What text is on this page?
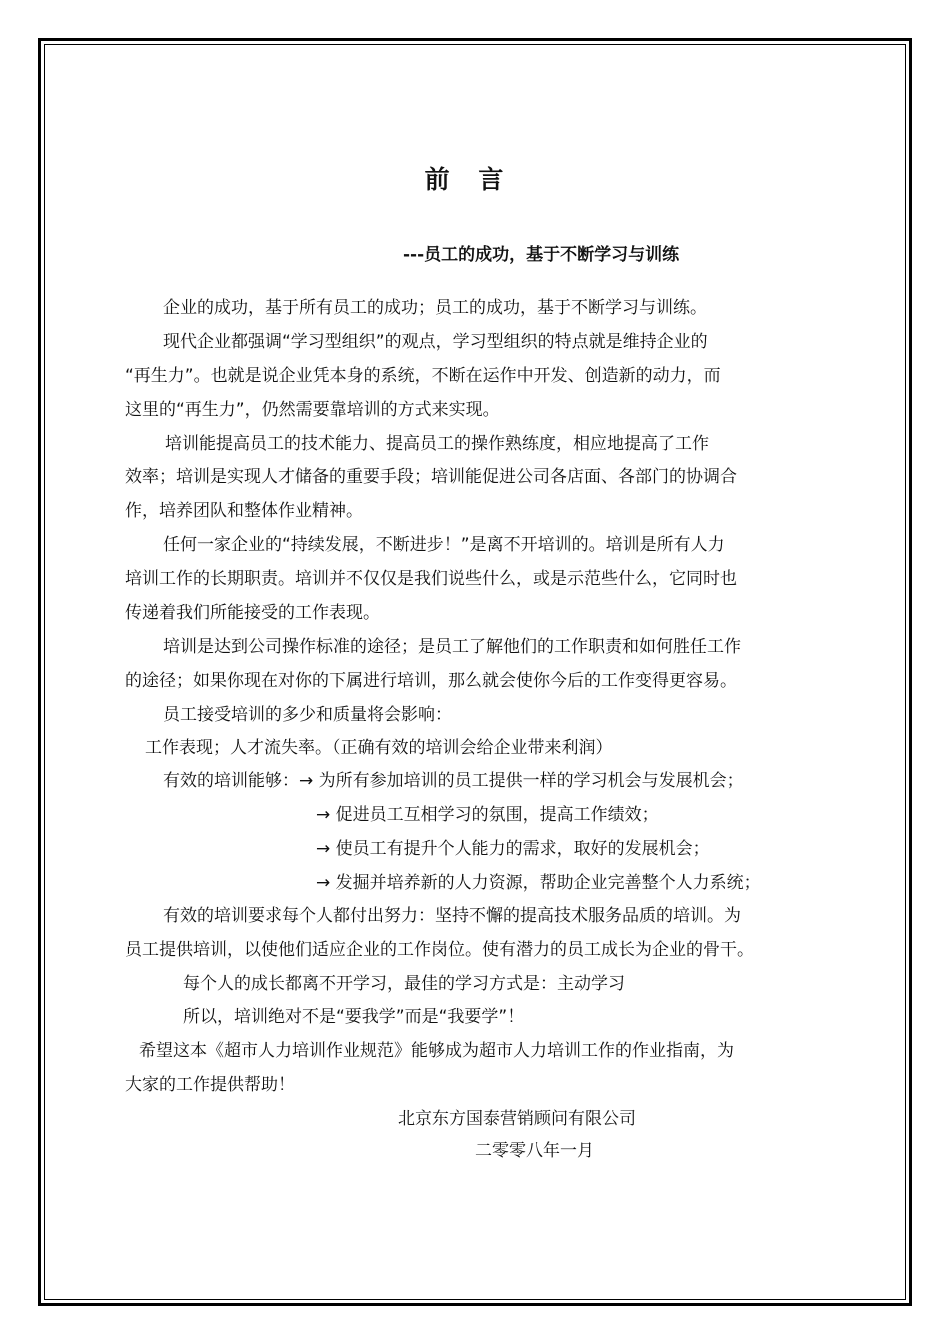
前 言
---员工的成功，基于不断学习与训练
企业的成功，基于所有员工的成功；员工的成功，基于不断学习与训练。
现代企业都强调“学习型组织”的观点，学习型组织的特点就是维持企业的
“再生力”。也就是说企业凭本身的系统，不断在运作中开发、创造新的动力，而
这里的“再生力”，仍然需要靠培训的方式来实现。
培训能提高员工的技术能力、提高员工的操作熟练度，相应地提高了工作
效率；培训是实现人才储备的重要手段；培训能促进公司各店面、各部门的协调合
作，培养团队和整体作业精神。
任何一家企业的“持续发展，不断进步！”是离不开培训的。培训是所有人力
培训工作的长期职责。培训并不仅仅是我们说些什么，或是示范些什么，它同时也
传递着我们所能接受的工作表现。
培训是达到公司操作标准的途径；是员工了解他们的工作职责和如何胜任工作
的途径；如果你现在对你的下属进行培训，那么就会使你今后的工作变得更容易。
员工接受培训的多少和质量将会影响：
工作表现；人才流失率。（正确有效的培训会给企业带来利润）
有效的培训能够：→ 为所有参加培训的员工提供一样的学习机会与发展机会；
→ 促进员工互相学习的氛围，提高工作绩效；
→ 使员工有提升个人能力的需求，取好的发展机会；
→ 发掘并培养新的人力资源，帮助企业完善整个人力系统；
有效的培训要求每个人都付出努力：坚持不懈的提高技术服务品质的培训。为
员工提供培训，以使他们适应企业的工作岗位。使有潜力的员工成长为企业的骨干。
每个人的成长都离不开学习，最佳的学习方式是：主动学习
所以，培训绝对不是“要我学”而是“我要学”！
希望这本《超市人力培训作业规范》能够成为超市人力培训工作的作业指南，为
大家的工作提供帮助！
北京东方国泰营销顾问有限公司
二零零八年一月
